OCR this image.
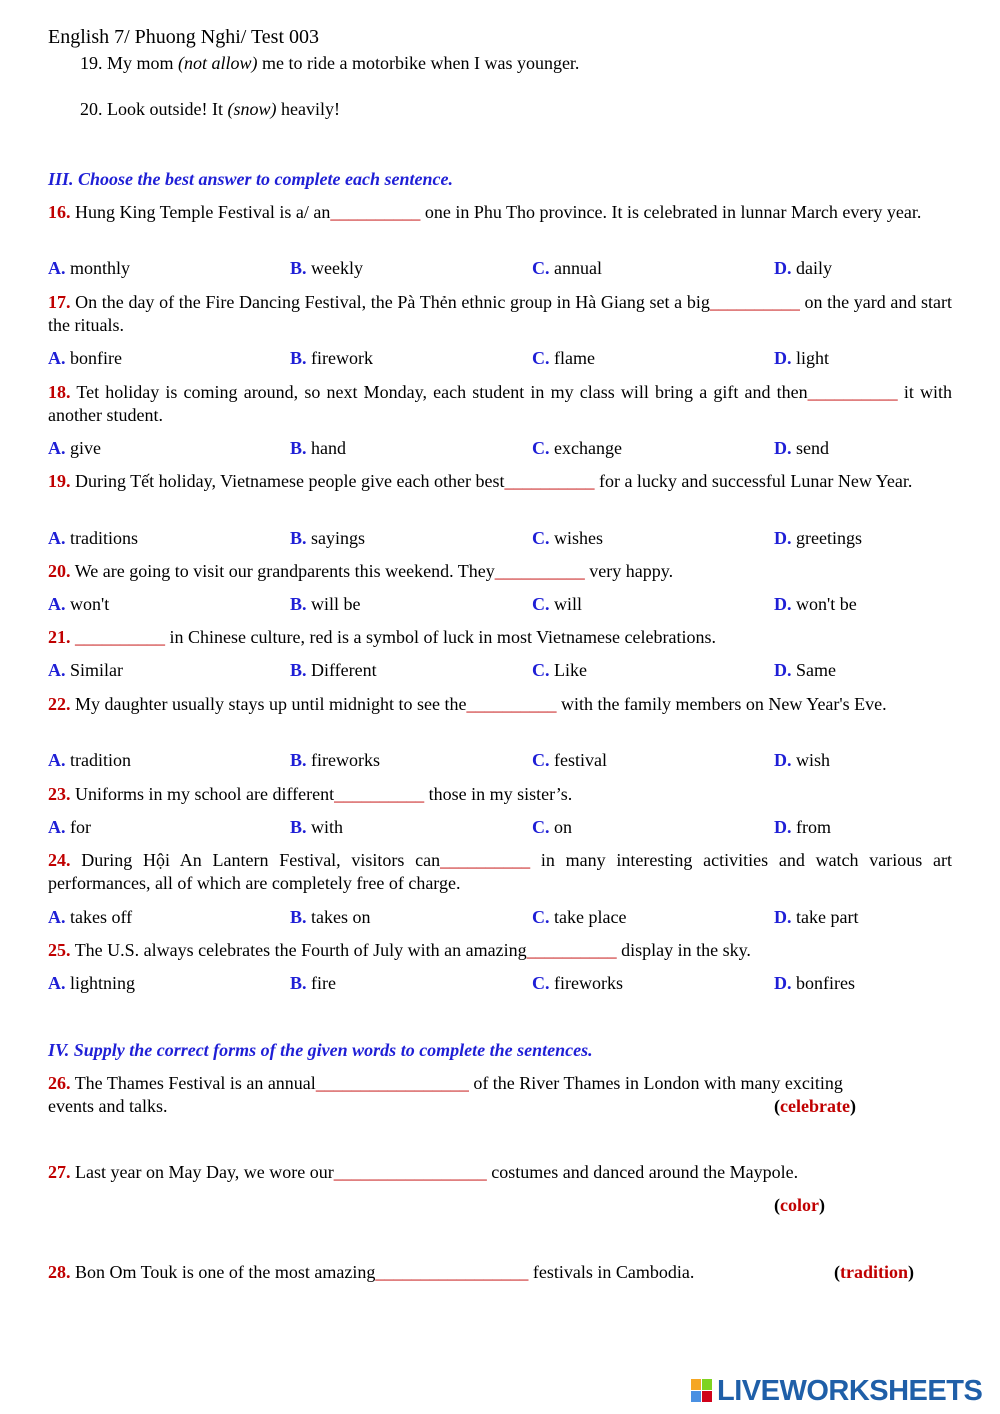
English 7/ Phuong Nghi/ Test 003
19. My mom (not allow) me to ride a motorbike when I was younger.
20. Look outside! It (snow) heavily!
III. Choose the best answer to complete each sentence.
16. Hung King Temple Festival is a/ an__________ one in Phu Tho province. It is celebrated in lunnar March every year.
A. monthly	B. weekly	C. annual	D. daily
17. On the day of the Fire Dancing Festival, the Pà Thẻn ethnic group in Hà Giang set a big__________ on the yard and start the rituals.
A. bonfire	B. firework	C. flame	D. light
18. Tet holiday is coming around, so next Monday, each student in my class will bring a gift and then__________ it with another student.
A. give	B. hand	C. exchange	D. send
19. During Tết holiday, Vietnamese people give each other best__________ for a lucky and successful Lunar New Year.
A. traditions	B. sayings	C. wishes	D. greetings
20. We are going to visit our grandparents this weekend. They__________ very happy.
A. won't	B. will be	C. will	D. won't be
21. __________ in Chinese culture, red is a symbol of luck in most Vietnamese celebrations.
A. Similar	B. Different	C. Like	D. Same
22. My daughter usually stays up until midnight to see the__________ with the family members on New Year's Eve.
A. tradition	B. fireworks	C. festival	D. wish
23. Uniforms in my school are different__________ those in my sister’s.
A. for	B. with	C. on	D. from
24. During Hội An Lantern Festival, visitors can__________ in many interesting activities and watch various art performances, all of which are completely free of charge.
A. takes off	B. takes on	C. take place	D. take part
25. The U.S. always celebrates the Fourth of July with an amazing__________ display in the sky.
A. lightning	B. fire	C. fireworks	D. bonfires
IV. Supply the correct forms of the given words to complete the sentences.
26. The Thames Festival is an annual_________________ of the River Thames in London with many exciting
events and talks.	(celebrate)
27. Last year on May Day, we wore our_________________ costumes and danced around the Maypole.
(color)
28. Bon Om Touk is one of the most amazing_________________ festivals in Cambodia.	(tradition)
LIVEWORKSHEETS
